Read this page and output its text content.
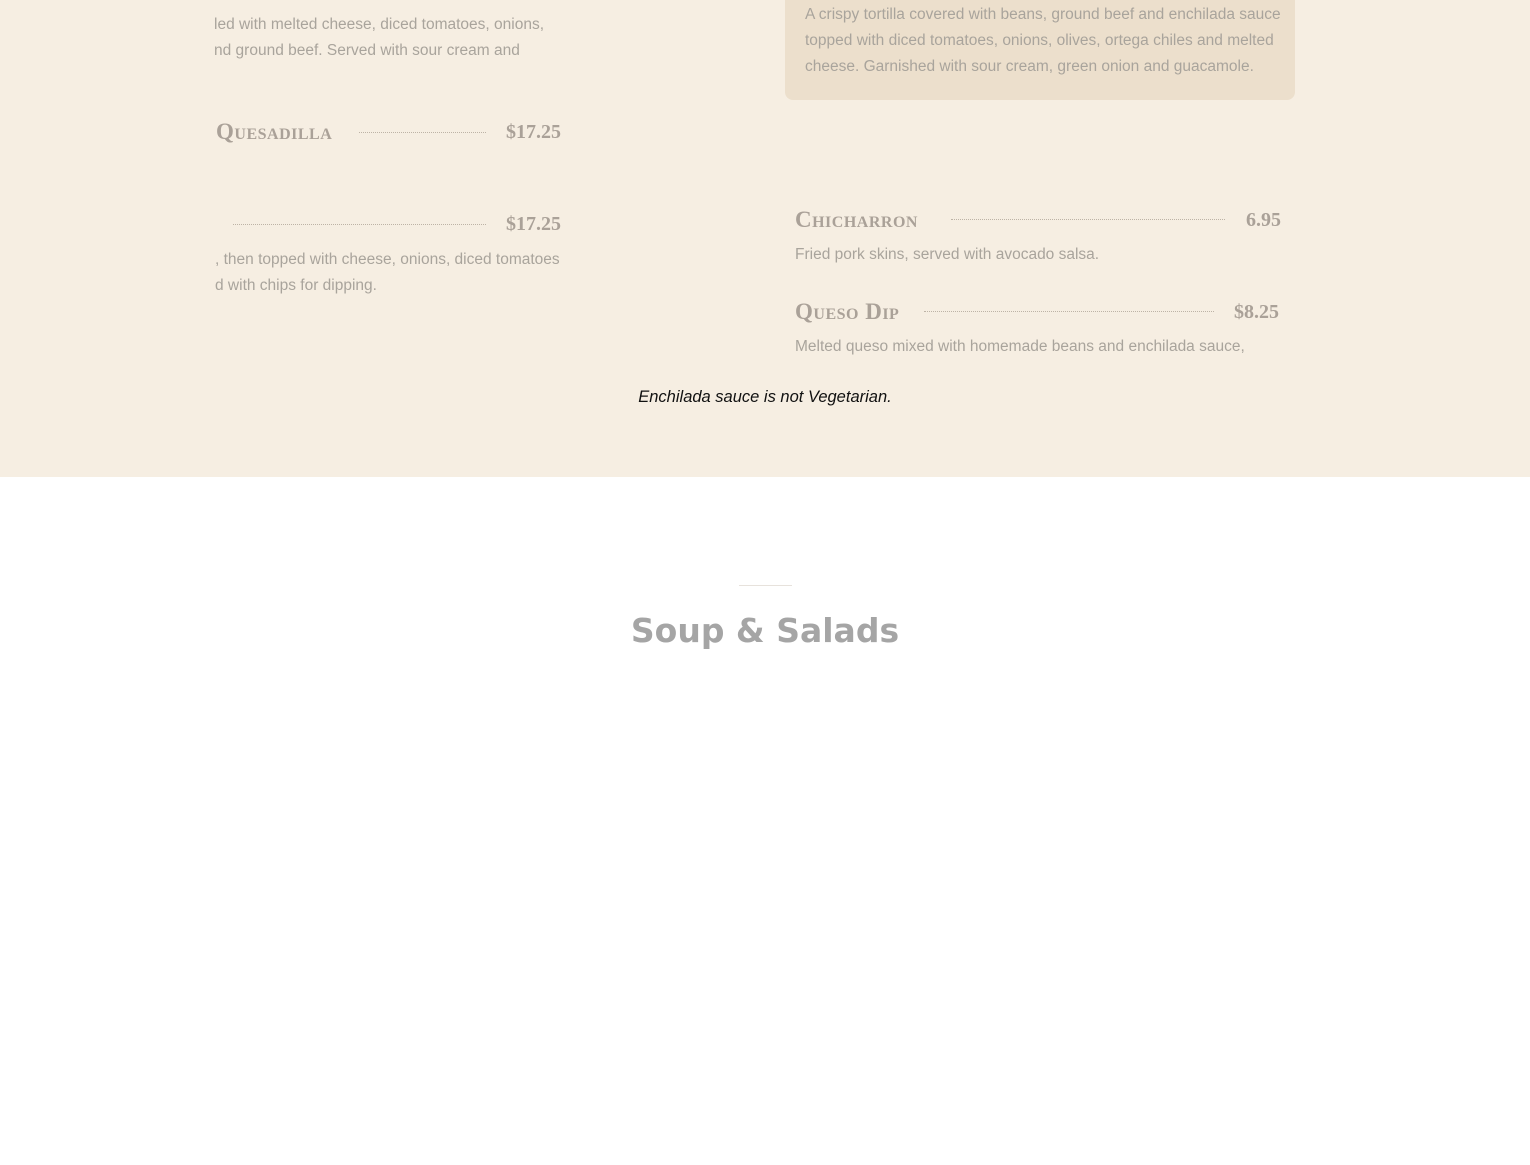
led with melted cheese, diced tomatoes, onions,
nd ground beef. Served with sour cream and

Quesadilla	$17.25
$17.25

, then topped with cheese, onions, diced tomatoes
d with chips for dipping.

A crispy tortilla covered with beans, ground beef and enchilada sauce
topped with diced tomatoes, onions, olives, ortega chiles and melted
cheese. Garnished with sour cream, green onion and guacamole.

Chicharron	6.95

Fried pork skins, served with avocado salsa.

Queso Dip	$8.25

Melted queso mixed with homemade beans and enchilada sauce,

Enchilada sauce is not Vegetarian.

Soup & Salads
